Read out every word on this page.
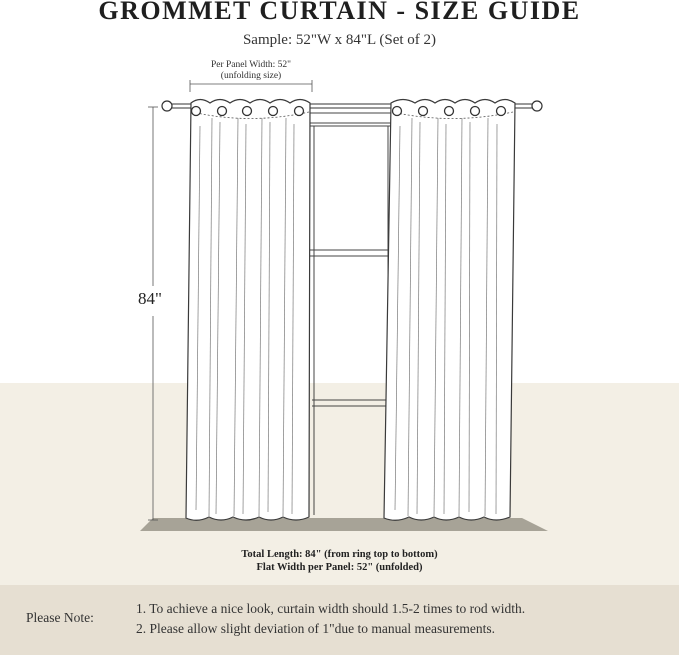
GROMMET CURTAIN - SIZE GUIDE
Sample: 52"W x 84"L (Set of 2)
Per Panel Width: 52"
(unfolding size)
84"
Total Length: 84" (from ring top to bottom)
Flat Width per Panel: 52" (unfolded)
Please Note:
1. To achieve a nice look, curtain width should 1.5-2 times to rod width.
2. Please allow slight deviation of 1"due to manual measurements.
